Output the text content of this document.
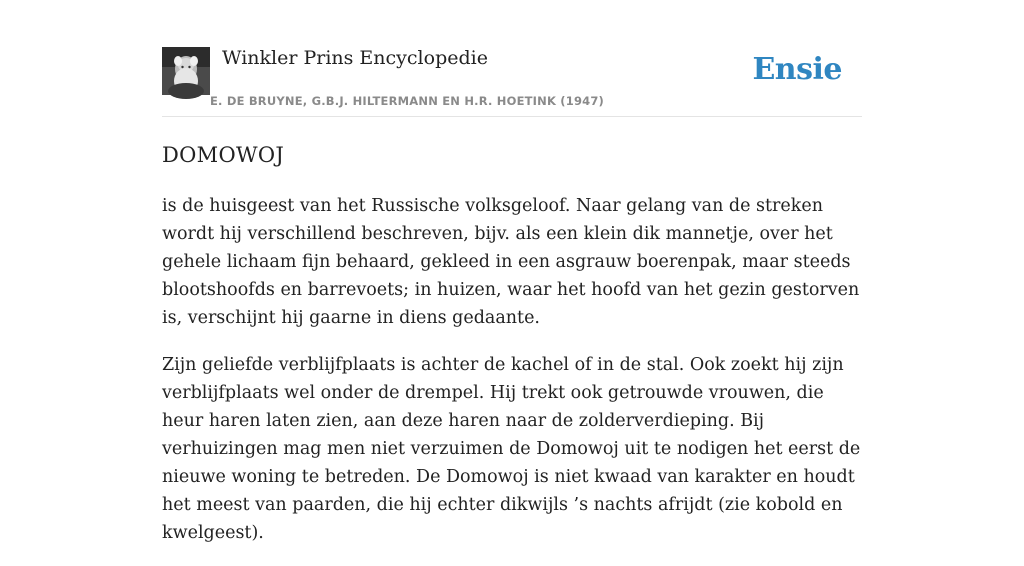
Winkler Prins Encyclopedie
E. DE BRUYNE, G.B.J. HILTERMANN EN H.R. HOETINK (1947)
Ensie
DOMOWOJ

is de huisgeest van het Russische volksgeloof. Naar gelang van de streken wordt hij verschillend beschreven, bijv. als een klein dik mannetje, over het gehele lichaam fijn behaard, gekleed in een asgrauw boerenpak, maar steeds blootshoofds en barrevoets; in huizen, waar het hoofd van het gezin gestorven is, verschijnt hij gaarne in diens gedaante.

Zijn geliefde verblijfplaats is achter de kachel of in de stal. Ook zoekt hij zijn verblijfplaats wel onder de drempel. Hij trekt ook getrouwde vrouwen, die heur haren laten zien, aan deze haren naar de zolderverdieping. Bij verhuizingen mag men niet verzuimen de Domowoj uit te nodigen het eerst de nieuwe woning te betreden. De Domowoj is niet kwaad van karakter en houdt het meest van paarden, die hij echter dikwijls ’s nachts afrijdt (zie kobold en kwelgeest).
